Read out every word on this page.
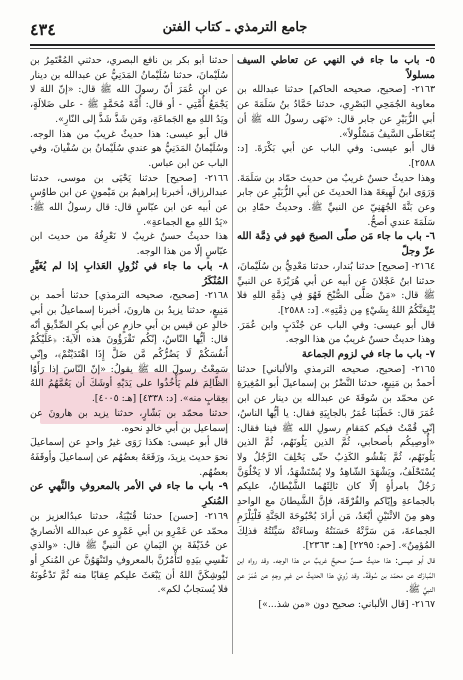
٤٣٤	جامع الترمذي ـ كتاب الفتن

٥- باب ما جاء في النهي عن تعاطي السيف مسلولاً

٢١٦٣- [صحيح، صحيحه الحاكم] حدثنا عبدالله بن معاوية الجُمَحِي البَصْرِي، حدثنا حَمَّادُ بنُ سَلَمَةَ عن أبي الزُّبَيْرِ عن جابر قال: «نَهَى رسولُ الله ﷺ أن يُتَعَاطَى السَّيفُ مَسْلُولاً».

قال أبو عيسى: وفي الباب عن أبي بَكْرَةَ. [د: ٢٥٨٨].

وهذا حديثٌ حسنٌ غريبٌ من حديث حمّاد بن سَلَمَةَ. وَرَوَى ابنُ لَهِيعَةَ هذا الحديثَ عن أبي الزُّبَيْرِ عن جابر وعن بَنَّةَ الجُهَنِيّ عن النبيِّ ﷺ. وحديثُ حمّادِ بن سَلَمَةَ عندي أصحُّ.

٦- باب ما جاء مَن صلّى الصبحَ فهو في ذِمَّة الله عزّ وجلّ

٢١٦٤- [صحيح] حدثنا بُندار، حدثنا مَعْدِيُّ بن سُلَيْمانَ، حدثنا ابنُ عَجْلانَ عن أبيه عن أبي هُرَيْرَةَ عن النبيِّ ﷺ قال: «مَنْ صَلَّى الصُّبْحَ فَهُوَ فِي ذِمَّةِ اللهِ فلا يُتْبِعَنَّكُمُ اللهُ بِشَيْءٍ مِن ذِمَّتِهِ». [د: ٢٥٨٨].

قال أبو عيسى: وفي الباب عن جُنْدَبٍ وابن عُمَرَ. وهذا حديثٌ حسنٌ غريبٌ من هذا الوجه.

٧- باب ما جاء في لزوم الجماعة

٢١٦٥- [صحيح، صحيحه الترمذي والألباني] حدثنا أحمدُ بن مَنِيعٍ، حدثنا النَّضْرُ بن إسماعيلَ أبو المُغِيرَةِ عن محمّد بن سُوقَةَ عن عبدالله بن دينار عن ابن عُمَرَ قال: خَطَبَنا عُمَرُ بالجابِيَةِ فقال: يا أيُّها الناسُ، إنّي قُمْتُ فيكم كمَقامِ رسولِ الله ﷺ فينا فقال: «أُوصِيكُم بأصحابي، ثُمَّ الذين يَلُونَهُم، ثُمَّ الذين يَلُونَهُم، ثُمَّ يَفْشُو الكَذِبُ حتّى يَحْلِفَ الرَّجُلُ ولا يُسْتَحْلَفُ، ويَشْهَدَ الشّاهِدُ ولا يُسْتَشْهَدُ، ألا لا يَخْلُوَنَّ رَجُلٌ بامرأةٍ إلّا كان ثالِثَهُما الشَّيْطانُ، عليكم بالجماعةِ وإيّاكم والفُرْقَةَ، فإنَّ الشَّيطانَ مع الواحدِ وهو مِنَ الاثْنَيْنِ أبْعَدُ، مَن أرادَ بُحْبُوحَةَ الجَنَّةِ فَلْيَلْزَمِ الجماعةَ، مَن سَرَّتْهُ حَسَنَتُهُ وساءَتْهُ سَيِّئَتُهُ فذلِكَ المُؤمِنُ». [حم: ٢٢٩٥] [هـ: ٢٣٦٣].

قال أبو عيسى: هذا حديثٌ حسنٌ صحيحٌ غريبٌ من هذا الوجه. وقد رواه ابن المُبارَك عن محمّد بن سُوقَةَ. وقد رُوِيَ هذا الحديثُ من غيرِ وجهٍ عن عُمَرَ عن النبيِّ ﷺ.

٢١٦٧- [قال الألباني: صحيح دون «من شذ...»]

حدثنا أبو بكر بن نافع البصري، حدثني المُعْتَمِرُ بن سُلَيْمانَ، حدثنا سُلَيْمانُ المَدَنِيُّ عن عبدالله بن دينار عن ابن عُمَرَ أنّ رسولَ الله ﷺ قال: «إنّ اللهَ لا يَجْمَعُ أُمَّتِي - أو قال: أُمَّةَ مُحَمَّدٍ ﷺ - على ضَلالَةٍ، ويَدُ اللهِ مع الجَماعَةِ، ومَن شَذَّ شَذَّ إلى النّارِ».

قال أبو عيسى: هذا حديثٌ غريبٌ من هذا الوجه. وسُلَيْمانُ المَدَنِيُّ هو عندي سُلَيْمانُ بن سُفْيانَ، وفي الباب عن ابن عباس.

٢١٦٦- [صحيح] حدثنا يَحْيَى بن موسى، حدثنا عبدالرزاق، أخبرنا إبراهيمُ بن مَيْمونٍ عن ابن طاوُسٍ عن أبيه عن ابن عبّاسٍ قال: قال رسولُ الله ﷺ: «يَدُ اللهِ مع الجماعةِ».

هذا حديثٌ حسنٌ غريبٌ لا نَعْرِفُهُ من حديث ابن عبّاسٍ إلّا من هذا الوجه.

٨- باب ما جاء في نُزُولِ العَذابِ إذا لم يُغَيَّرِ المُنْكَرُ

٢١٦٨- [صحيح، صحيحه الترمذي] حدثنا أحمد بن مَنِيعٍ، حدثنا يزيدُ بن هارونَ، أخبرنا إسماعيلُ بن أبي خالدٍ عن قيس بن أبي حازمٍ عن أبي بكرٍ الصِّدِّيقِ أنّه قال: أيُّها النّاسُ، إنّكُم تَقْرَؤُونَ هذه الآيةَ: ﴿عَلَيْكُمْ أَنفُسَكُمْ لَا يَضُرُّكُم مَّن ضَلَّ إِذَا اهْتَدَيْتُمْ﴾، وإنّي سَمِعْتُ رسولَ الله ﷺ يقولُ: «إنّ النّاسَ إذا رَأَوُا الظّالِمَ فلم يَأْخُذُوا على يَدَيْهِ أوشَكَ أن يَعُمَّهُمُ اللهُ بعِقابٍ منه». [د: ٤٣٣٨] [هـ: ٤٠٠٥].

حدثنا محمّد بن بَشّارٍ، حدثنا يزيد بن هارونَ عن إسماعيل بن أبي خالدٍ نحوه.

قال أبو عيسى: هكذا رَوَى غيرُ واحدٍ عن إسماعيلَ نحوَ حديث يزيدَ، ورَفَعَهُ بعضُهُم عن إسماعيلَ وأوقَفَهُ بعضُهُم.

٩- باب ما جاء في الأمر بالمعروفِ والنَّهيِ عن المُنكرِ

٢١٦٩- [حسن] حدثنا قُتَيْبَةُ، حدثنا عبدُالعزيز بن محمّد عن عَمْرِو بن أبي عَمْرٍو عن عبدالله الأنصاريّ عن حُذَيْفَةَ بن اليَمانِ عن النبيِّ ﷺ قال: «والذي نَفْسِي بيَدِهِ لتَأْمُرُنَّ بالمعروفِ ولتَنْهَوُنَّ عن المُنكرِ أو ليُوشِكَنَّ اللهُ أن يَبْعَثَ عليكم عِقابًا منه ثُمَّ تَدْعُونَهُ فلا يُستجابُ لكم».
